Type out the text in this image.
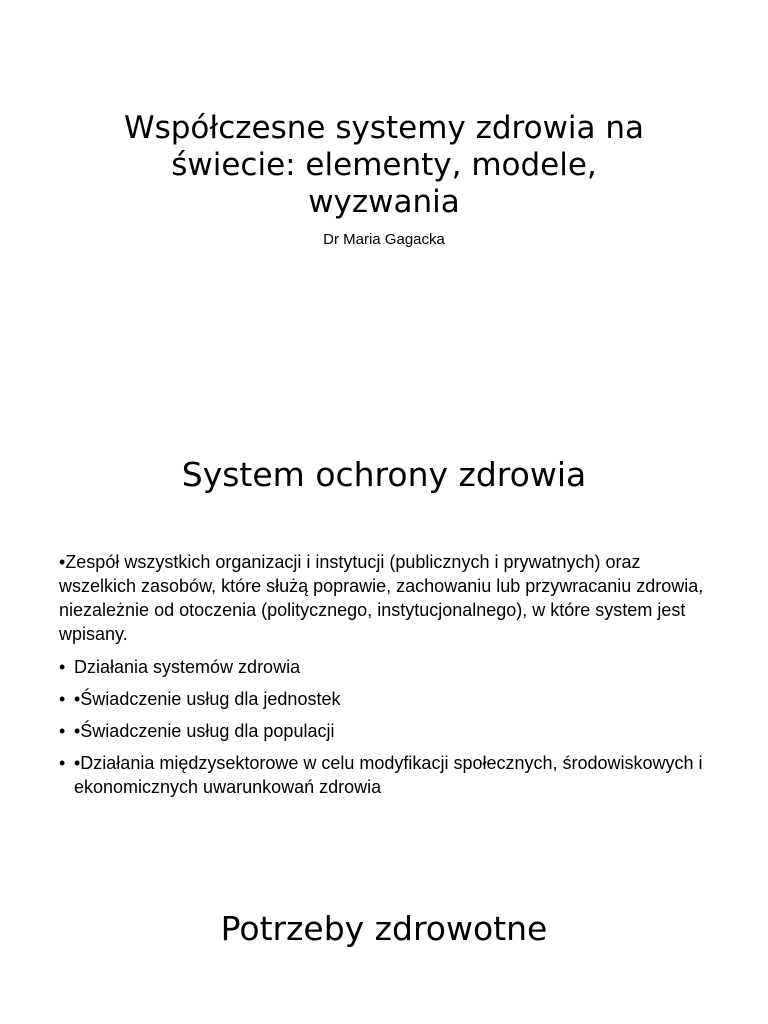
Współczesne systemy zdrowia na świecie: elementy, modele, wyzwania
Dr Maria Gagacka
System ochrony zdrowia
•Zespół wszystkich organizacji i instytucji (publicznych i prywatnych) oraz wszelkich zasobów, które służą poprawie, zachowaniu lub przywracaniu zdrowia, niezależnie od otoczenia (politycznego, instytucjonalnego), w które system jest wpisany.
• Działania systemów zdrowia
• •Świadczenie usług dla jednostek
• •Świadczenie usług dla populacji
• •Działania międzysektorowe w celu modyfikacji społecznych, środowiskowych i ekonomicznych uwarunkowań zdrowia
Potrzeby zdrowotne
